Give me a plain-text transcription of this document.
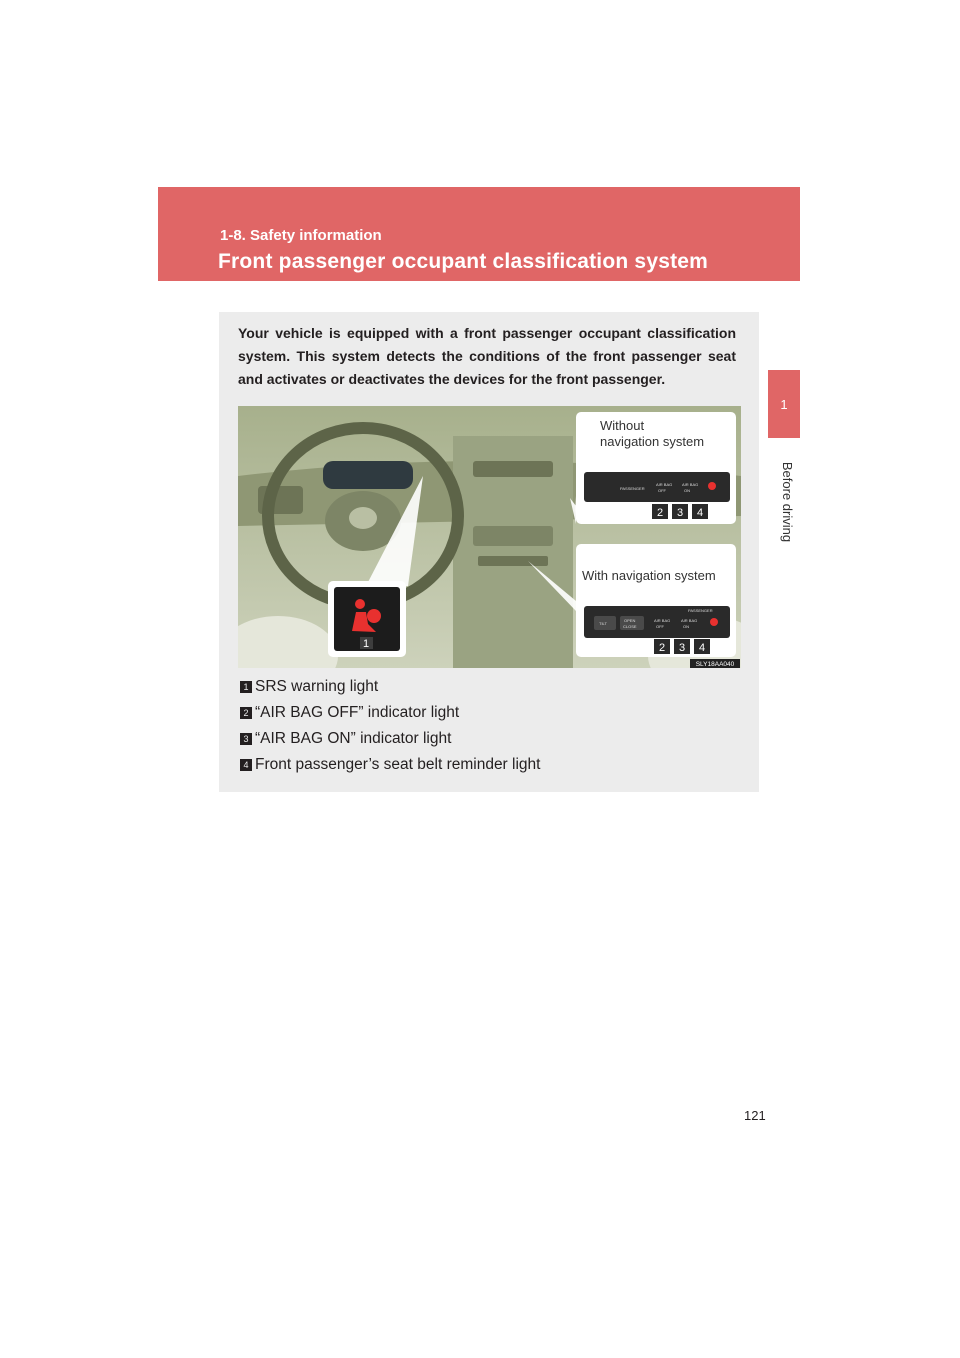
1-8. Safety information
Front passenger occupant classification system
1
Before driving
Your vehicle is equipped with a front passenger occupant classification system. This system detects the conditions of the front passenger seat and activates or deactivates the devices for the front passenger.
1
Without
navigation system
PASSENGER
AIR BAG
OFF
AIR BAG
ON
2 3 4
With navigation system
TILT
OPEN
CLOSE
PASSENGER
AIR BAG
OFF
AIR BAG
ON
2 3 4
SLY18AA040
1 SRS warning light
2 “AIR BAG OFF” indicator light
3 “AIR BAG ON” indicator light
4 Front passenger’s seat belt reminder light
121
